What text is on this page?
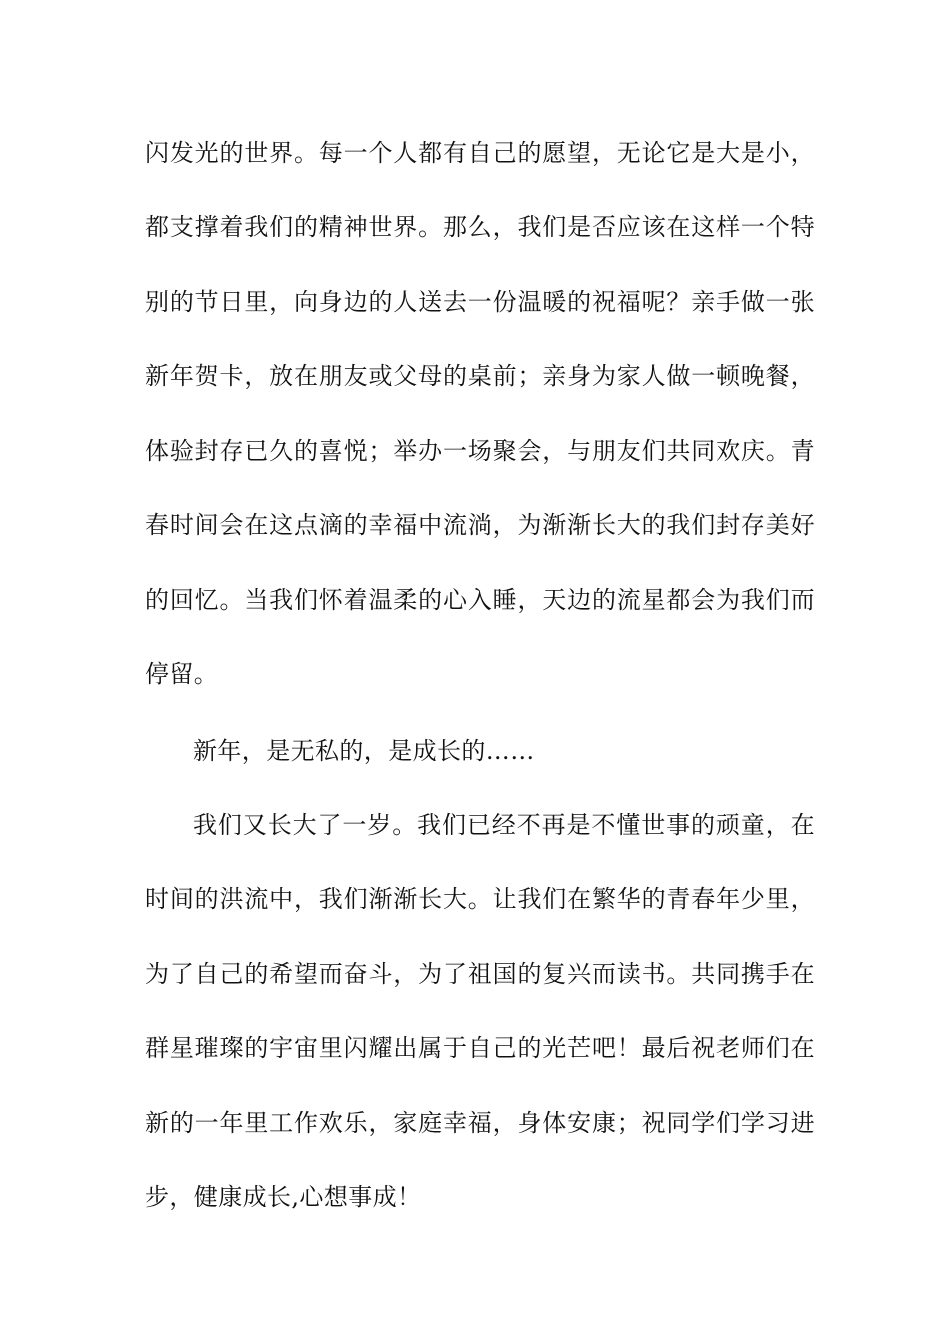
闪发光的世界。每一个人都有自己的愿望，无论它是大是小，
都支撑着我们的精神世界。那么，我们是否应该在这样一个特
别的节日里，向身边的人送去一份温暖的祝福呢？亲手做一张
新年贺卡，放在朋友或父母的桌前；亲身为家人做一顿晚餐，
体验封存已久的喜悦；举办一场聚会，与朋友们共同欢庆。青
春时间会在这点滴的幸福中流淌，为渐渐长大的我们封存美好
的回忆。当我们怀着温柔的心入睡，天边的流星都会为我们而
停留。
新年，是无私的，是成长的……
我们又长大了一岁。我们已经不再是不懂世事的顽童，在
时间的洪流中，我们渐渐长大。让我们在繁华的青春年少里，
为了自己的希望而奋斗，为了祖国的复兴而读书。共同携手在
群星璀璨的宇宙里闪耀出属于自己的光芒吧！最后祝老师们在
新的一年里工作欢乐，家庭幸福，身体安康；祝同学们学习进
步，健康成长,心想事成！
